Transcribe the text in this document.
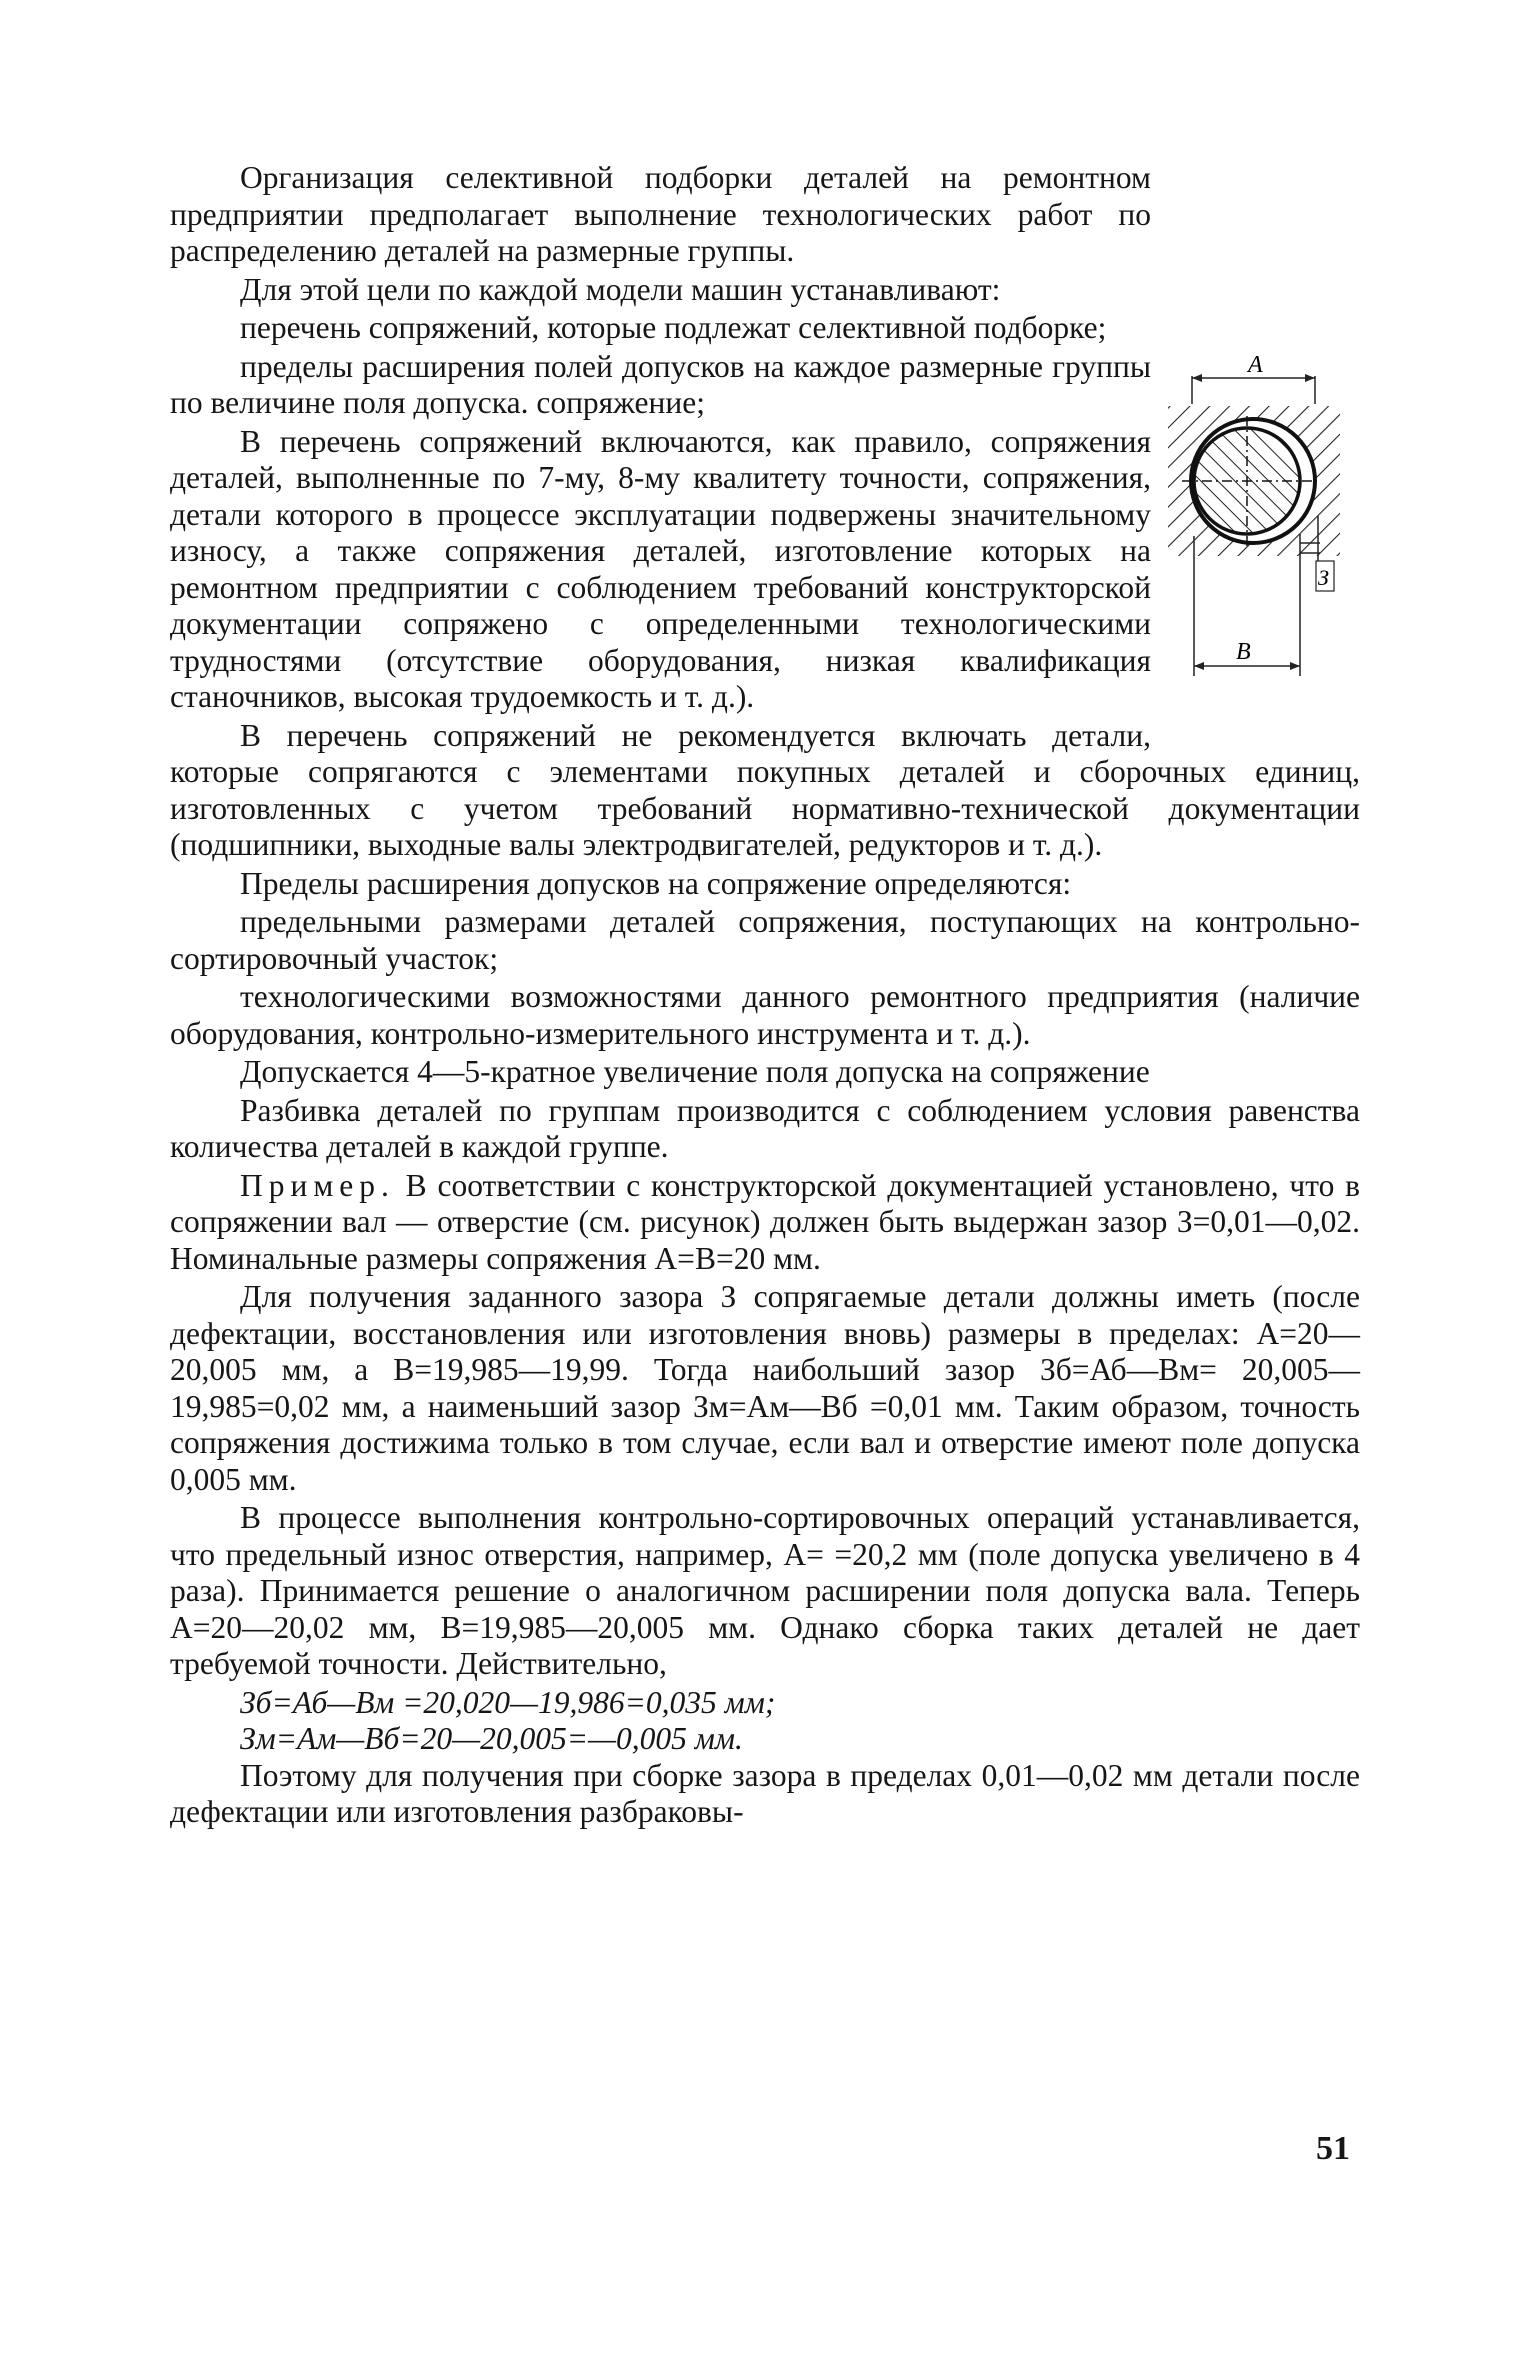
А
З
В

Организация селективной подборки деталей на ремонтном предприятии предполагает выполнение технологических работ по распределению деталей на размерные группы.

Для этой цели по каждой модели машин устанавливают:

перечень сопряжений, которые подлежат селективной подборке;

пределы расширения полей допусков на каждое размерные группы по величине поля допуска. сопряжение;

В перечень сопряжений включаются, как правило, сопряжения деталей, выполненные по 7-му, 8-му квалитету точности, сопряжения, детали которого в процессе эксплуатации подвержены значительному износу, а также сопряжения деталей, изготовление которых на ремонтном предприятии с соблюдением требований конструкторской документации сопряжено с определенными технологическими трудностями (отсутствие оборудования, низкая квалификация станочников, высокая трудоемкость и т. д.).

В перечень сопряжений не рекомендуется включать детали, которые сопрягаются с элементами покупных деталей и сборочных единиц, изготовленных с учетом требований нормативно-технической документации (подшипники, выходные валы электродвигателей, редукторов и т. д.).

Пределы расширения допусков на сопряжение определяются:

предельными размерами деталей сопряжения, поступающих на контрольно-сортировочный участок;

технологическими возможностями данного ремонтного предприятия (наличие оборудования, контрольно-измерительного инструмента и т. д.).

Допускается 4—5-кратное увеличение поля допуска на сопряжение

Разбивка деталей по группам производится с соблюдением условия равенства количества деталей в каждой группе.

Пример. В соответствии с конструкторской документацией установлено, что в сопряжении вал — отверстие (см. рисунок) должен быть выдержан зазор З=0,01—0,02. Номинальные размеры сопряжения А=В=20 мм.

Для получения заданного зазора З сопрягаемые детали должны иметь (после дефектации, восстановления или изготовления вновь) размеры в пределах: А=20—20,005 мм, а В=19,985—19,99. Тогда наибольший зазор Зб=Аб—Вм= 20,005—19,985=0,02 мм, а наименьший зазор Зм=Ам—Вб =0,01 мм. Таким образом, точность сопряжения достижима только в том случае, если вал и отверстие имеют поле допуска 0,005 мм.

В процессе выполнения контрольно-сортировочных операций устанавливается, что предельный износ отверстия, например, А= =20,2 мм (поле допуска увеличено в 4 раза). Принимается решение о аналогичном расширении поля допуска вала. Теперь А=20—20,02 мм, В=19,985—20,005 мм. Однако сборка таких деталей не дает требуемой точности. Действительно,

Зб=Аб—Вм =20,020—19,986=0,035 мм;

Зм=Ам—Вб=20—20,005=—0,005 мм.

Поэтому для получения при сборке зазора в пределах 0,01—0,02 мм детали после дефектации или изготовления разбраковы-

51
